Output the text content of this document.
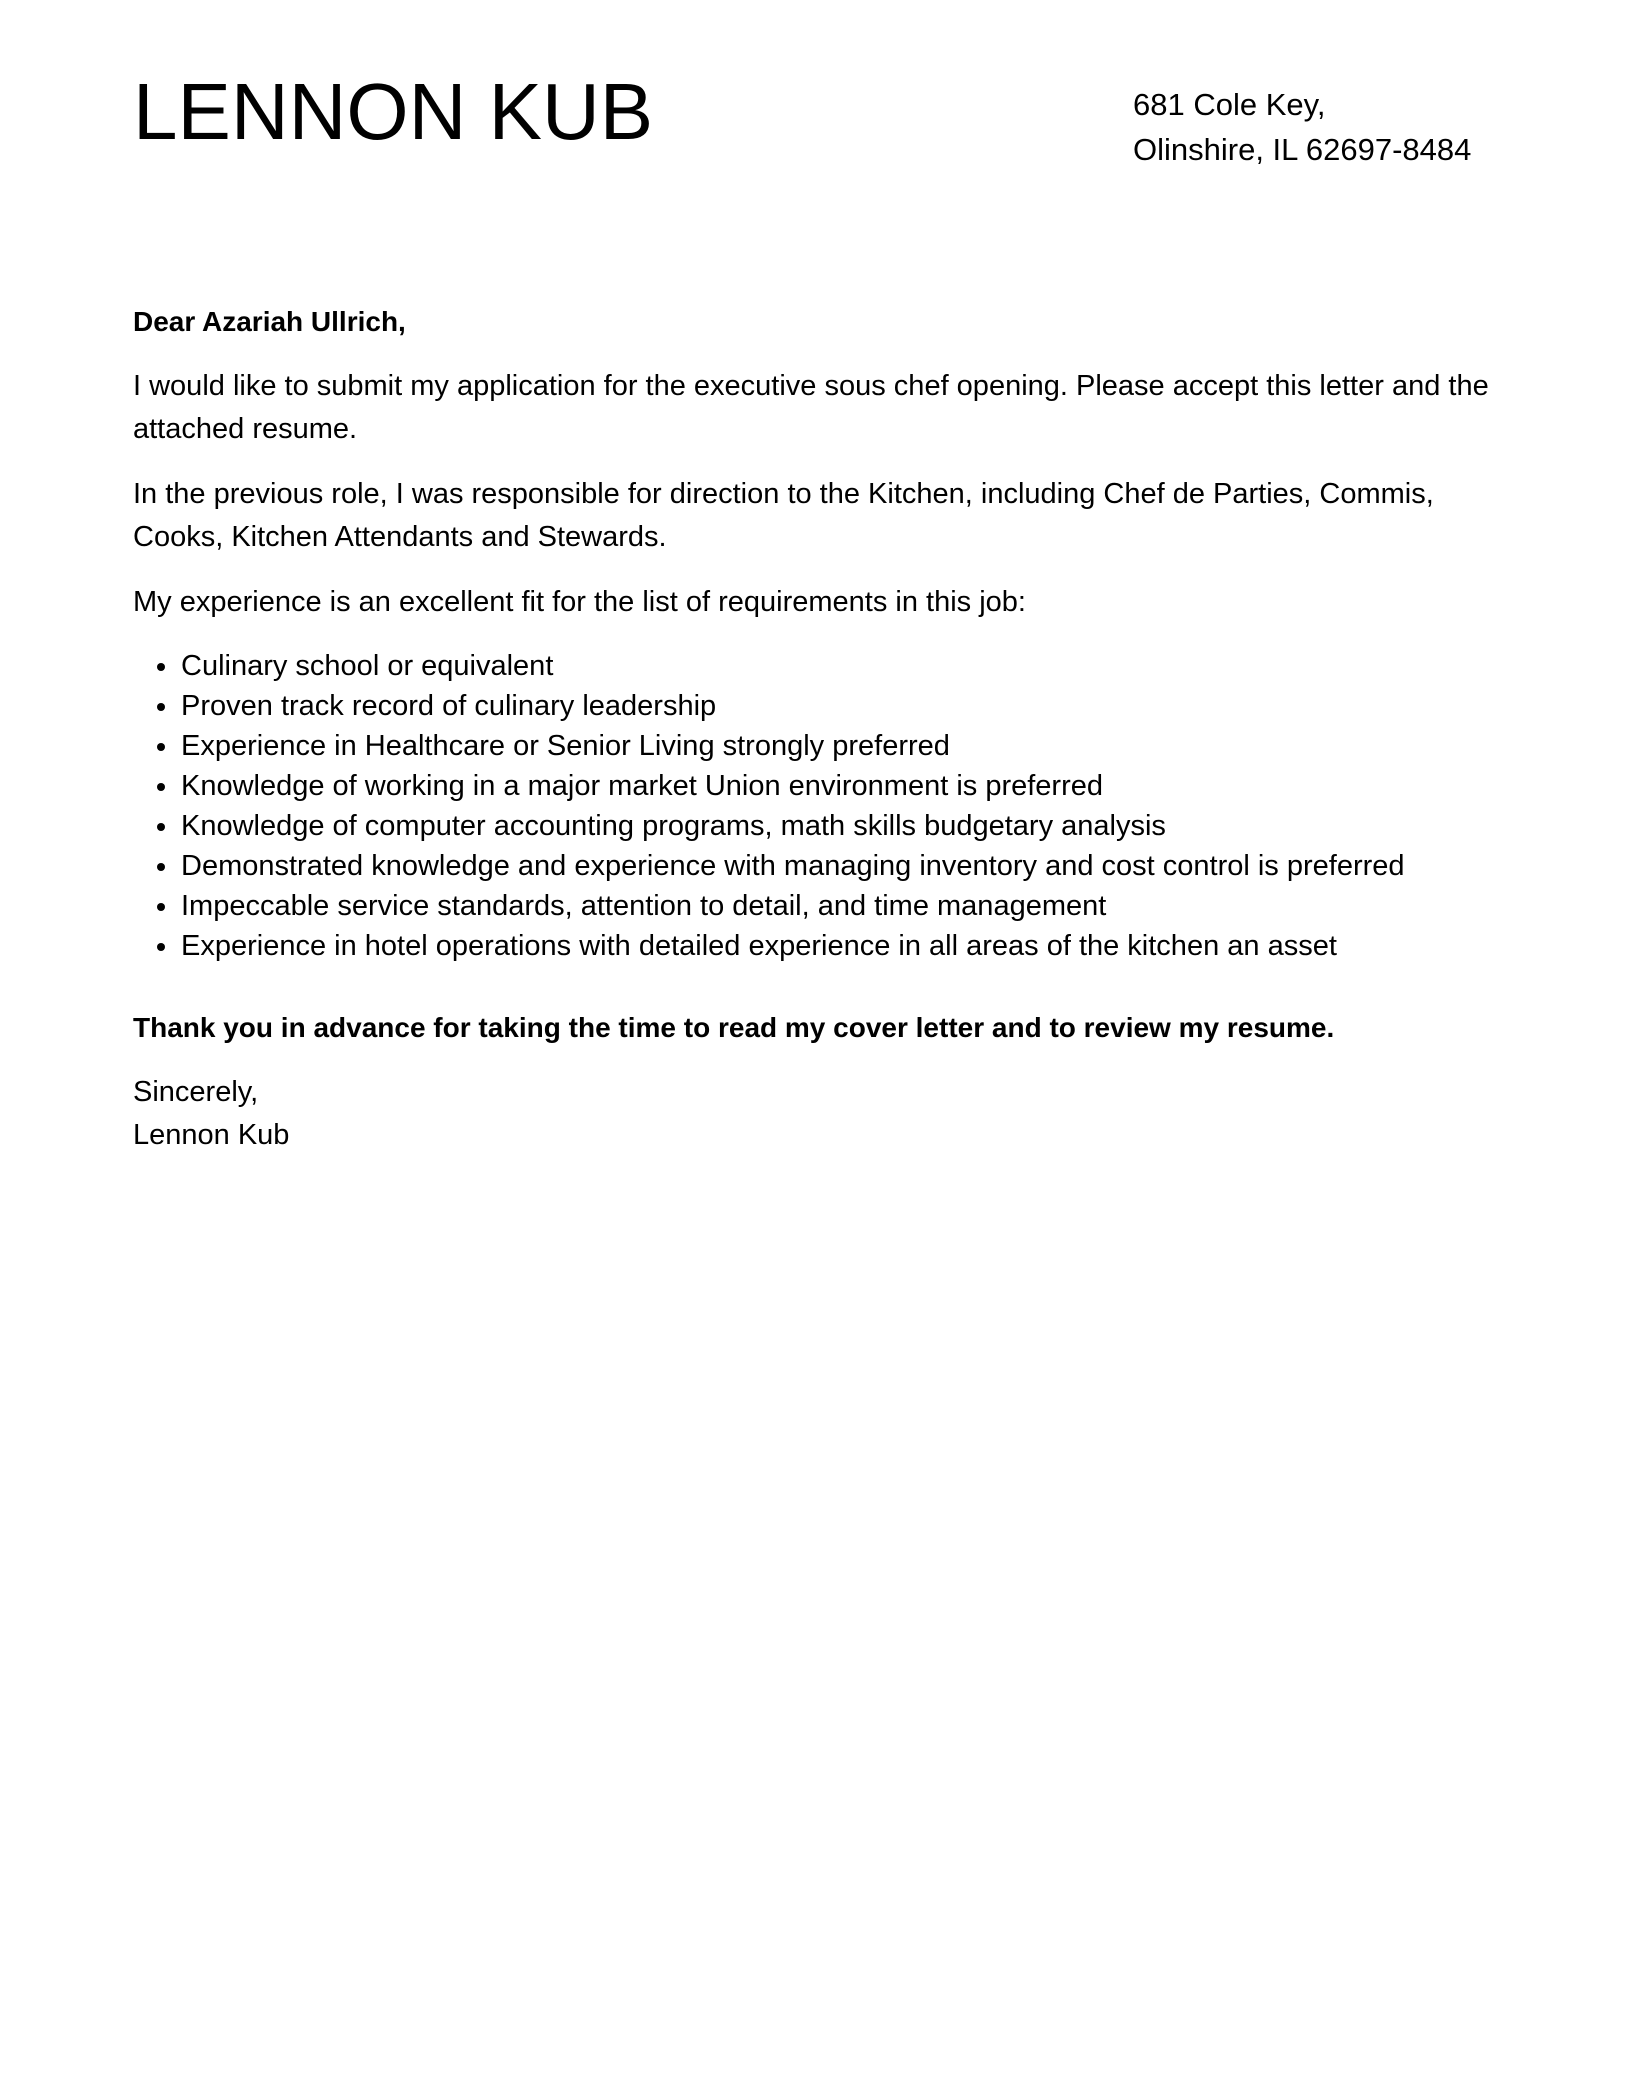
LENNON KUB	681 Cole Key,
Olinshire, IL 62697-8484

Dear Azariah Ullrich,

I would like to submit my application for the executive sous chef opening. Please accept this letter and the attached resume.

In the previous role, I was responsible for direction to the Kitchen, including Chef de Parties, Commis, Cooks, Kitchen Attendants and Stewards.

My experience is an excellent fit for the list of requirements in this job:

Culinary school or equivalent
Proven track record of culinary leadership
Experience in Healthcare or Senior Living strongly preferred
Knowledge of working in a major market Union environment is preferred
Knowledge of computer accounting programs, math skills budgetary analysis
Demonstrated knowledge and experience with managing inventory and cost control is preferred
Impeccable service standards, attention to detail, and time management
Experience in hotel operations with detailed experience in all areas of the kitchen an asset

Thank you in advance for taking the time to read my cover letter and to review my resume.

Sincerely,
Lennon Kub
